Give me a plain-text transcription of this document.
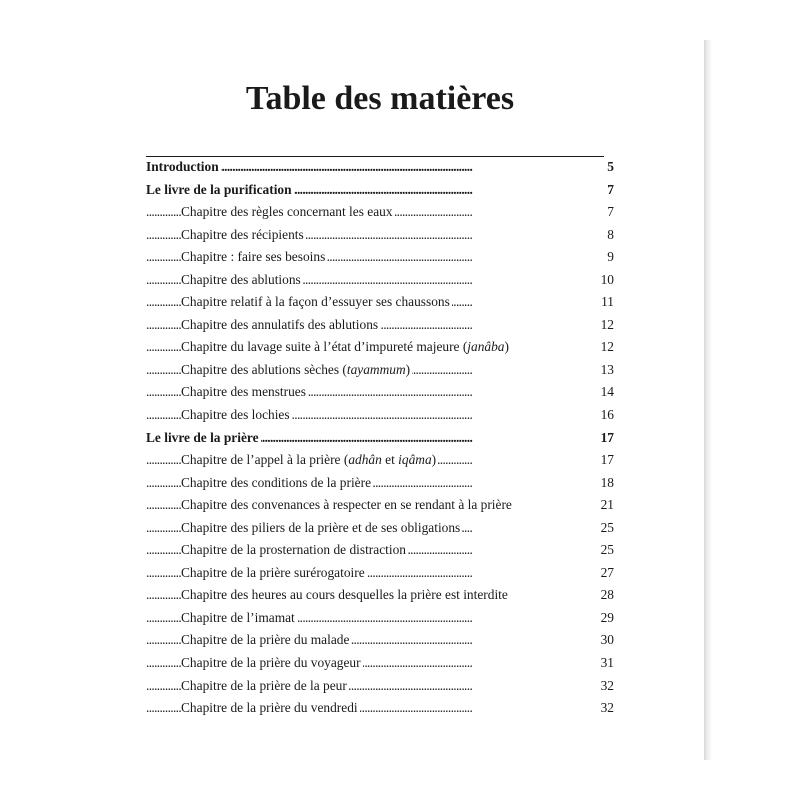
Table des matières
. . . Introduction	5
. . . Le livre de la purification	7
. . . Chapitre des règles concernant les eaux	7
. . . Chapitre des récipients	8
. . . Chapitre : faire ses besoins	9
. . . Chapitre des ablutions	10
. . . Chapitre relatif à la façon d’essuyer ses chaussons	11
. . . Chapitre des annulatifs des ablutions	12
. . . Chapitre du lavage suite à l’état d’impureté majeure (janâba)	12
. . . Chapitre des ablutions sèches (tayammum)	13
. . . Chapitre des menstrues	14
. . . Chapitre des lochies	16
. . . Le livre de la prière	17
. . . Chapitre de l’appel à la prière (adhân et iqâma)	17
. . . Chapitre des conditions de la prière	18
. . . Chapitre des convenances à respecter en se rendant à la prière	21
. . . Chapitre des piliers de la prière et de ses obligations	25
. . . Chapitre de la prosternation de distraction	25
. . . Chapitre de la prière surérogatoire	27
. . . Chapitre des heures au cours desquelles la prière est interdite	28
. . . Chapitre de l’imamat	29
. . . Chapitre de la prière du malade	30
. . . Chapitre de la prière du voyageur	31
. . . Chapitre de la prière de la peur	32
. . . Chapitre de la prière du vendredi	32
